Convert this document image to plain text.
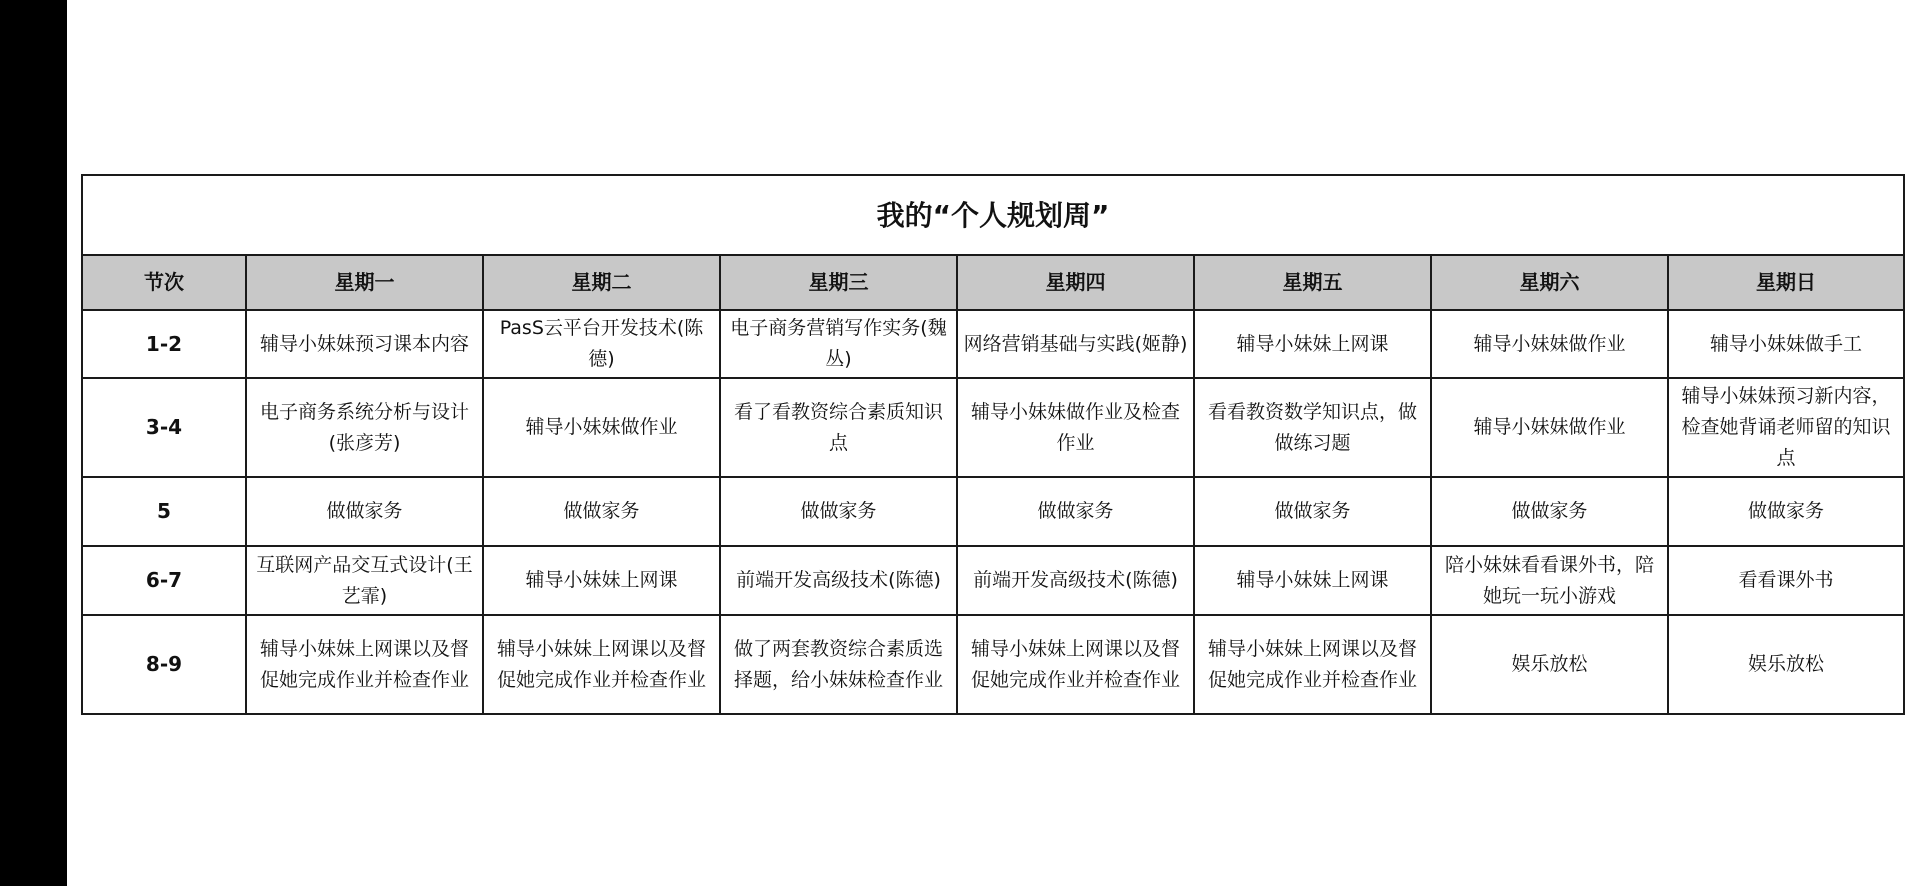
我的“个人规划周”							
节次	星期一	星期二	星期三	星期四	星期五	星期六	星期日
1-2	辅导小妹妹预习课本内容	PasS云平台开发技术(陈德)	电子商务营销写作实务(魏丛)	网络营销基础与实践(姬静)	辅导小妹妹上网课	辅导小妹妹做作业	辅导小妹妹做手工
3-4	电子商务系统分析与设计(张彦芳)	辅导小妹妹做作业	看了看教资综合素质知识点	辅导小妹妹做作业及检查作业	看看教资数学知识点，做做练习题	辅导小妹妹做作业	辅导小妹妹预习新内容，检查她背诵老师留的知识点
5	做做家务	做做家务	做做家务	做做家务	做做家务	做做家务	做做家务
6-7	互联网产品交互式设计(王艺霏)	辅导小妹妹上网课	前端开发高级技术(陈德)	前端开发高级技术(陈德)	辅导小妹妹上网课	陪小妹妹看看课外书，陪她玩一玩小游戏	看看课外书
8-9	辅导小妹妹上网课以及督促她完成作业并检查作业	辅导小妹妹上网课以及督促她完成作业并检查作业	做了两套教资综合素质选择题，给小妹妹检查作业	辅导小妹妹上网课以及督促她完成作业并检查作业	辅导小妹妹上网课以及督促她完成作业并检查作业	娱乐放松	娱乐放松
